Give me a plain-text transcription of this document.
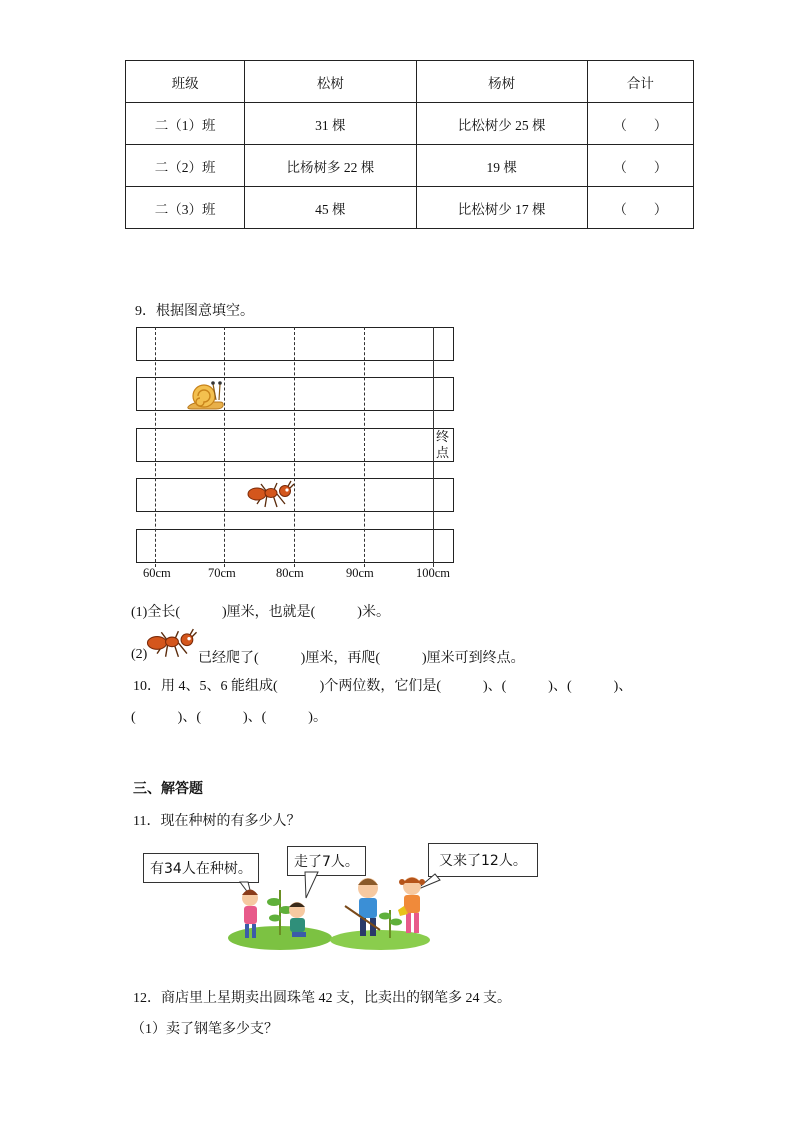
班级	松树	杨树	合计
二（1）班	31 棵	比松树少 25 棵	（　　）
二（2）班	比杨树多 22 棵	19 棵	（　　）
二（3）班	45 棵	比松树少 17 棵	（　　）
9．根据图意填空。
终
点
60cm	70cm	80cm	90cm	100cm
(1)全长(　　　)厘米，也就是(　　　)米。
(2)	已经爬了(　　　)厘米，再爬(　　　)厘米可到终点。
10．用 4、5、6 能组成(　　　)个两位数，它们是(　　　)、(　　　)、(　　　)、
(　　　)、(　　　)、(　　　)。
三、解答题
11．现在种树的有多少人？
有34人在种树。	走了7人。	又来了12人。
12．商店里上星期卖出圆珠笔 42 支，比卖出的钢笔多 24 支。
（1）卖了钢笔多少支？
